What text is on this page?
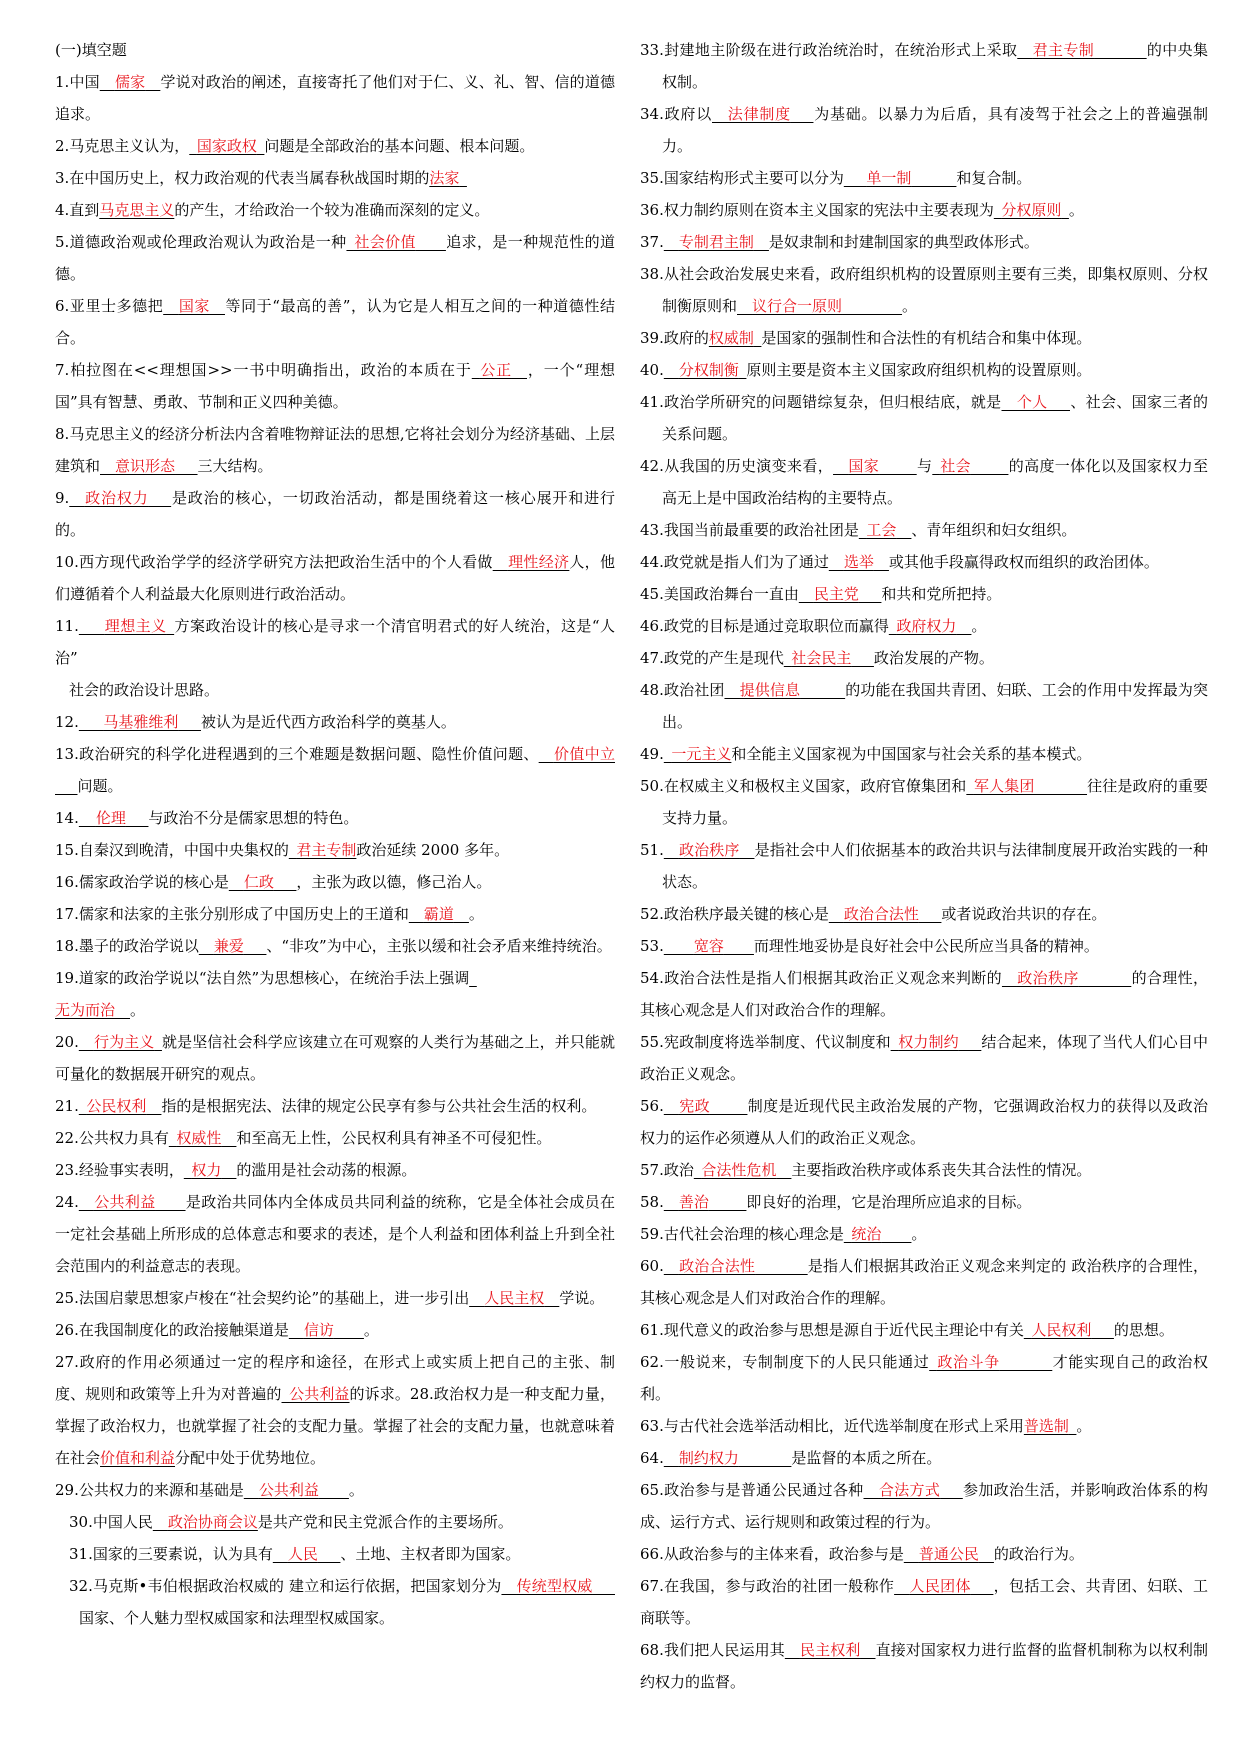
(一)填空题

1.中国__儒家__学说对政治的阐述，直接寄托了他们对于仁、义、礼、智、信的道德追求。

2.马克思主义认为，_国家政权_问题是全部政治的基本问题、根本问题。

3.在中国历史上，权力政治观的代表当属春秋战国时期的法家_

4.直到马克思主义的产生，才给政治一个较为准确而深刻的定义。

5.道德政治观或伦理政治观认为政治是一种_社会价值____追求，是一种规范性的道德。

6.亚里士多德把__国家__等同于“最高的善”，认为它是人相互之间的一种道德性结合。

7.柏拉图在<<理想国>>一书中明确指出，政治的本质在于_公正__，一个“理想国”具有智慧、勇敢、节制和正义四种美德。

8.马克思主义的经济分析法内含着唯物辩证法的思想,它将社会划分为经济基础、上层建筑和__意识形态___三大结构。

9.__政治权力___是政治的核心，一切政治活动，都是围绕着这一核心展开和进行的。

10.西方现代政治学学的经济学研究方法把政治生活中的个人看做__理性经济人，他们遵循着个人利益最大化原则进行政治活动。

11.  __理想主义_方案政治设计的核心是寻求一个清官明君式的好人统治，这是“人治”

社会的政治设计思路。

12.  __马基雅维利___被认为是近代西方政治科学的奠基人。

13.政治研究的科学化进程遇到的三个难题是数据问题、隐性价值问题、__价值中立___问题。

14.  _伦理___与政治不分是儒家思想的特色。

15.自秦汉到晚清，中国中央集权的_君主专制政治延续 2000 多年。

16.儒家政治学说的核心是__仁政___，主张为政以德，修己治人。

17.儒家和法家的主张分别形成了中国历史上的王道和__霸道__。

18.墨子的政治学说以__兼爱___、“非攻”为中心，主张以缓和社会矛盾来维持统治。

19.道家的政治学说以“法自然”为思想核心，在统治手法上强调_

无为而治__。

20.__行为主义_就是坚信社会科学应该建立在可观察的人类行为基础之上，并只能就可量化的数据展开研究的观点。

21._公民权利__指的是根据宪法、法律的规定公民享有参与公共社会生活的权利。

22.公共权力具有_权威性__和至高无上性，公民权利具有神圣不可侵犯性。

23.经验事实表明，_权力__的滥用是社会动荡的根源。

24.__公共利益____是政治共同体内全体成员共同利益的统称，它是全体社会成员在一定社会基础上所形成的总体意志和要求的表述，是个人利益和团体利益上升到全社会范围内的利益意志的表现。

25.法国启蒙思想家卢梭在“社会契约论”的基础上，进一步引出__人民主权__学说。

26.在我国制度化的政治接触渠道是__信访____。

27.政府的作用必须通过一定的程序和途径，在形式上或实质上把自己的主张、制度、规则和政策等上升为对普遍的_公共利益的诉求。28.政治权力是一种支配力量，掌握了政治权力，也就掌握了社会的支配力量。掌握了社会的支配力量，也就意味着在社会价值和利益分配中处于优势地位。

29.公共权力的来源和基础是__公共利益____。

30.中国人民__政治协商会议是共产党和民主党派合作的主要场所。

31.国家的三要素说，认为具有__人民___、土地、主权者即为国家。

32.马克斯•韦伯根据政治权威的 建立和运行依据，把国家划分为__传统型权威___国家、个人魅力型权威国家和法理型权威国家。

33.封建地主阶级在进行政治统治时，在统治形式上采取__君主专制_______的中央集权制。

34.政府以__法律制度___为基础。以暴力为后盾，具有凌驾于社会之上的普遍强制力。

35.国家结构形式主要可以分为___单一制______和复合制。

36.权力制约原则在资本主义国家的宪法中主要表现为_分权原则_。

37.__专制君主制__是奴隶制和封建制国家的典型政体形式。

38.从社会政治发展史来看，政府组织机构的设置原则主要有三类，即集权原则、分权制衡原则和__议行合一原则________。

39.政府的权威制_是国家的强制性和合法性的有机结合和集中体现。

40.__分权制衡_原则主要是资本主义国家政府组织机构的设置原则。

41.政治学所研究的问题错综复杂，但归根结底，就是__个人___、社会、国家三者的关系问题。

42.从我国的历史演变来看，__国家_____与_社会_____的高度一体化以及国家权力至高无上是中国政治结构的主要特点。

43.我国当前最重要的政治社团是_工会__、青年组织和妇女组织。

44.政党就是指人们为了通过__选举__或其他手段赢得政权而组织的政治团体。

45.美国政治舞台一直由__民主党___和共和党所把持。

46.政党的目标是通过竞取职位而赢得_政府权力__。

47.政党的产生是现代_社会民主___政治发展的产物。

48.政治社团__提供信息______的功能在我国共青团、妇联、工会的作用中发挥最为突出。

49._一元主义和全能主义国家视为中国国家与社会关系的基本模式。

50.在权威主义和极权主义国家，政府官僚集团和_军人集团_______往往是政府的重要支持力量。

51.__政治秩序__是指社会中人们依据基本的政治共识与法律制度展开政治实践的一种状态。

52.政治秩序最关键的核心是__政治合法性___或者说政治共识的存在。

53.____宽容____而理性地妥协是良好社会中公民所应当具备的精神。

54.政治合法性是指人们根据其政治正义观念来判断的__政治秩序_______的合理性，其核心观念是人们对政治合作的理解。

55.宪政制度将选举制度、代议制度和_权力制约___结合起来，体现了当代人们心目中政治正义观念。

56.__宪政_____制度是近现代民主政治发展的产物，它强调政治权力的获得以及政治权力的运作必须遵从人们的政治正义观念。

57.政治_合法性危机__主要指政治秩序或体系丧失其合法性的情况。

58.__善治_____即良好的治理，它是治理所应追求的目标。

59.古代社会治理的核心理念是_统治____。

60.__政治合法性_______是指人们根据其政治正义观念来判定的 政治秩序的合理性，其核心观念是人们对政治合作的理解。

61.现代意义的政治参与思想是源自于近代民主理论中有关_人民权利___的思想。

62.一般说来，专制制度下的人民只能通过_政治斗争_______才能实现自己的政治权利。

63.与古代社会选举活动相比，近代选举制度在形式上采用普选制_。

64.__制约权力_______是监督的本质之所在。

65.政治参与是普通公民通过各种__合法方式___参加政治生活，并影响政治体系的构成、运行方式、运行规则和政策过程的行为。

66.从政治参与的主体来看，政治参与是__普通公民__的政治行为。

67.在我国，参与政治的社团一般称作__人民团体___，包括工会、共青团、妇联、工商联等。

68.我们把人民运用其__民主权利__直接对国家权力进行监督的监督机制称为以权利制约权力的监督。
